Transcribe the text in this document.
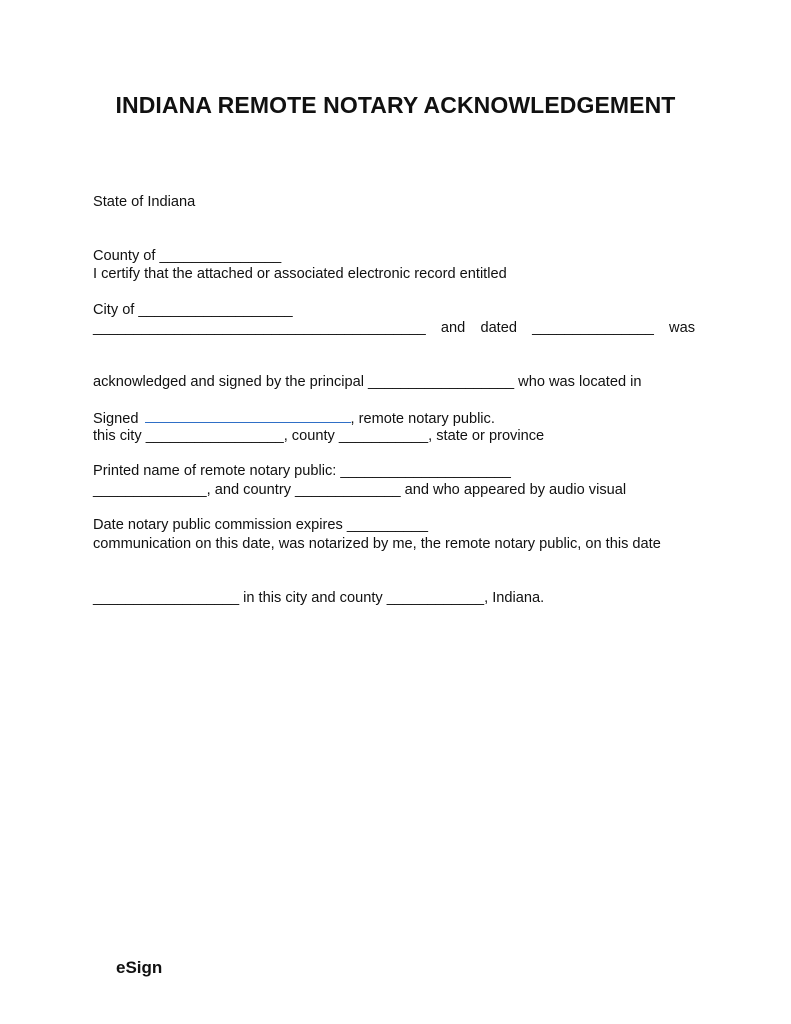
INDIANA REMOTE NOTARY ACKNOWLEDGEMENT

State of Indiana

County of _______________

City of ___________________

I certify that the attached or associated electronic record entitled

_________________________________________ and dated _______________ was

acknowledged and signed by the principal __________________ who was located in

this city _________________, county ___________, state or province

______________, and country _____________ and who appeared by audio visual

communication on this date, was notarized by me, the remote notary public, on this date

__________________ in this city and county ____________, Indiana.

Signed	, remote notary public.

Printed name of remote notary public: _____________________

Date notary public commission expires __________

eSign
